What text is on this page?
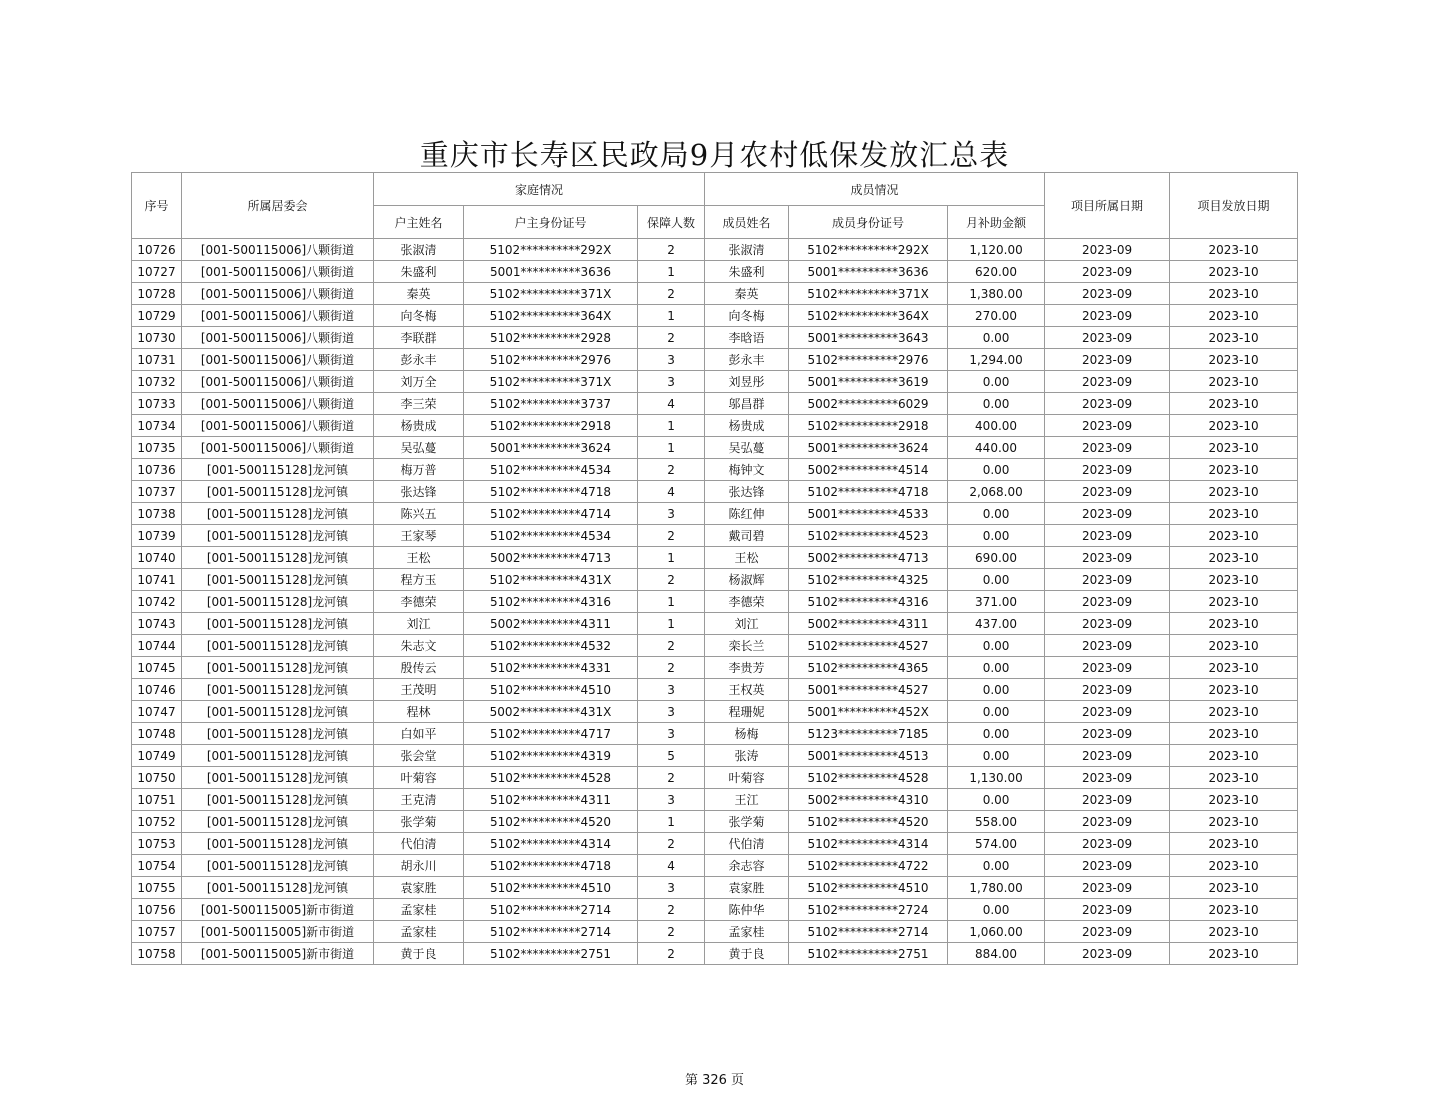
重庆市长寿区民政局9月农村低保发放汇总表
序号	所属居委会	家庭情况			成员情况			项目所属日期	项目发放日期
		户主姓名	户主身份证号	保障人数	成员姓名	成员身份证号	月补助金额		
10726	[001-500115006]八颗街道	张淑清	5102**********292X	2	张淑清	5102**********292X	1,120.00	2023-09	2023-10
10727	[001-500115006]八颗街道	朱盛利	5001**********3636	1	朱盛利	5001**********3636	620.00	2023-09	2023-10
10728	[001-500115006]八颗街道	秦英	5102**********371X	2	秦英	5102**********371X	1,380.00	2023-09	2023-10
10729	[001-500115006]八颗街道	向冬梅	5102**********364X	1	向冬梅	5102**********364X	270.00	2023-09	2023-10
10730	[001-500115006]八颗街道	李联群	5102**********2928	2	李晗语	5001**********3643	0.00	2023-09	2023-10
10731	[001-500115006]八颗街道	彭永丰	5102**********2976	3	彭永丰	5102**********2976	1,294.00	2023-09	2023-10
10732	[001-500115006]八颗街道	刘万全	5102**********371X	3	刘昱彤	5001**********3619	0.00	2023-09	2023-10
10733	[001-500115006]八颗街道	李三荣	5102**********3737	4	邬昌群	5002**********6029	0.00	2023-09	2023-10
10734	[001-500115006]八颗街道	杨贵成	5102**********2918	1	杨贵成	5102**********2918	400.00	2023-09	2023-10
10735	[001-500115006]八颗街道	吴弘蔓	5001**********3624	1	吴弘蔓	5001**********3624	440.00	2023-09	2023-10
10736	[001-500115128]龙河镇	梅万普	5102**********4534	2	梅钟文	5002**********4514	0.00	2023-09	2023-10
10737	[001-500115128]龙河镇	张达锋	5102**********4718	4	张达锋	5102**********4718	2,068.00	2023-09	2023-10
10738	[001-500115128]龙河镇	陈兴五	5102**********4714	3	陈红伸	5001**********4533	0.00	2023-09	2023-10
10739	[001-500115128]龙河镇	王家琴	5102**********4534	2	戴司碧	5102**********4523	0.00	2023-09	2023-10
10740	[001-500115128]龙河镇	王松	5002**********4713	1	王松	5002**********4713	690.00	2023-09	2023-10
10741	[001-500115128]龙河镇	程方玉	5102**********431X	2	杨淑辉	5102**********4325	0.00	2023-09	2023-10
10742	[001-500115128]龙河镇	李德荣	5102**********4316	1	李德荣	5102**********4316	371.00	2023-09	2023-10
10743	[001-500115128]龙河镇	刘江	5002**********4311	1	刘江	5002**********4311	437.00	2023-09	2023-10
10744	[001-500115128]龙河镇	朱志文	5102**********4532	2	栾长兰	5102**********4527	0.00	2023-09	2023-10
10745	[001-500115128]龙河镇	殷传云	5102**********4331	2	李贵芳	5102**********4365	0.00	2023-09	2023-10
10746	[001-500115128]龙河镇	王茂明	5102**********4510	3	王权英	5001**********4527	0.00	2023-09	2023-10
10747	[001-500115128]龙河镇	程林	5002**********431X	3	程珊妮	5001**********452X	0.00	2023-09	2023-10
10748	[001-500115128]龙河镇	白如平	5102**********4717	3	杨梅	5123**********7185	0.00	2023-09	2023-10
10749	[001-500115128]龙河镇	张会堂	5102**********4319	5	张涛	5001**********4513	0.00	2023-09	2023-10
10750	[001-500115128]龙河镇	叶菊容	5102**********4528	2	叶菊容	5102**********4528	1,130.00	2023-09	2023-10
10751	[001-500115128]龙河镇	王克清	5102**********4311	3	王江	5002**********4310	0.00	2023-09	2023-10
10752	[001-500115128]龙河镇	张学菊	5102**********4520	1	张学菊	5102**********4520	558.00	2023-09	2023-10
10753	[001-500115128]龙河镇	代伯清	5102**********4314	2	代伯清	5102**********4314	574.00	2023-09	2023-10
10754	[001-500115128]龙河镇	胡永川	5102**********4718	4	余志容	5102**********4722	0.00	2023-09	2023-10
10755	[001-500115128]龙河镇	袁家胜	5102**********4510	3	袁家胜	5102**********4510	1,780.00	2023-09	2023-10
10756	[001-500115005]新市街道	孟家桂	5102**********2714	2	陈仲华	5102**********2724	0.00	2023-09	2023-10
10757	[001-500115005]新市街道	孟家桂	5102**********2714	2	孟家桂	5102**********2714	1,060.00	2023-09	2023-10
10758	[001-500115005]新市街道	黄于良	5102**********2751	2	黄于良	5102**********2751	884.00	2023-09	2023-10
第 326 页
